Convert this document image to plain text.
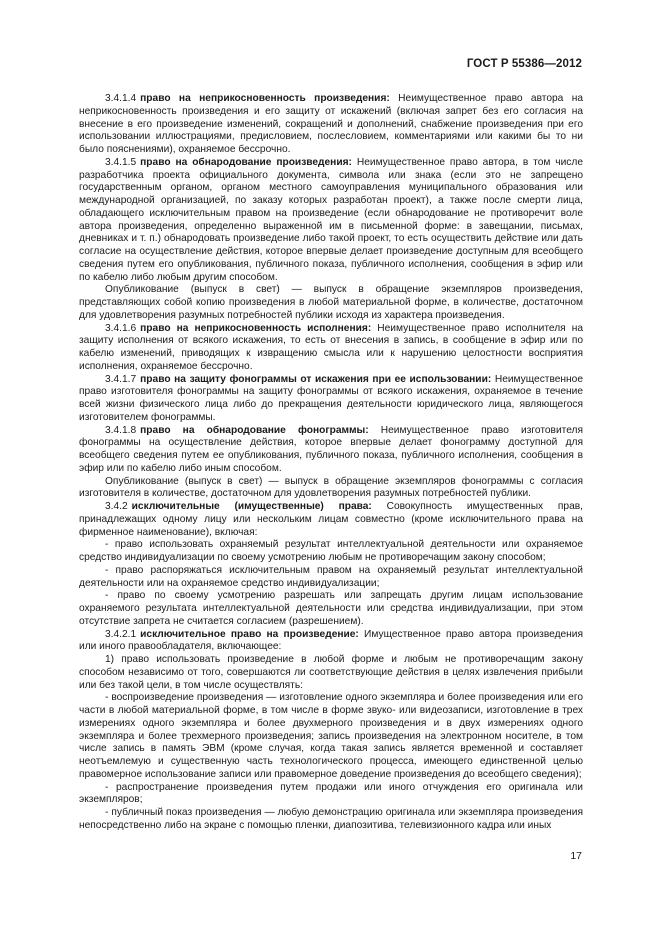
ГОСТ Р 55386—2012

3.4.1.4 право на неприкосновенность произведения: Неимущественное право автора на неприкосновенность произведения и его защиту от искажений (включая запрет без его согласия на внесение в его произведение изменений, сокращений и дополнений, снабжение произведения при его использовании иллюстрациями, предисловием, послесловием, комментариями или какими бы то ни было пояснениями), охраняемое бессрочно.

3.4.1.5 право на обнародование произведения: Неимущественное право автора, в том числе разработчика проекта официального документа, символа или знака (если это не запрещено государственным органом, органом местного самоуправления муниципального образования или международной организацией, по заказу которых разработан проект), а также после смерти лица, обладающего исключительным правом на произведение (если обнародование не противоречит воле автора произведения, определенно выраженной им в письменной форме: в завещании, письмах, дневниках и т. п.) обнародовать произведение либо такой проект, то есть осуществить действие или дать согласие на осуществление действия, которое впервые делает произведение доступным для всеобщего сведения путем его опубликования, публичного показа, публичного исполнения, сообщения в эфир или по кабелю либо любым другим способом.

Опубликование (выпуск в свет) — выпуск в обращение экземпляров произведения, представляющих собой копию произведения в любой материальной форме, в количестве, достаточном для удовлетворения разумных потребностей публики исходя из характера произведения.

3.4.1.6 право на неприкосновенность исполнения: Неимущественное право исполнителя на защиту исполнения от всякого искажения, то есть от внесения в запись, в сообщение в эфир или по кабелю изменений, приводящих к извращению смысла или к нарушению целостности восприятия исполнения, охраняемое бессрочно.

3.4.1.7 право на защиту фонограммы от искажения при ее использовании: Неимущественное право изготовителя фонограммы на защиту фонограммы от всякого искажения, охраняемое в течение всей жизни физического лица либо до прекращения деятельности юридического лица, являющегося изготовителем фонограммы.

3.4.1.8 право на обнародование фонограммы: Неимущественное право изготовителя фонограммы на осуществление действия, которое впервые делает фонограмму доступной для всеобщего сведения путем ее опубликования, публичного показа, публичного исполнения, сообщения в эфир или по кабелю либо иным способом.

Опубликование (выпуск в свет) — выпуск в обращение экземпляров фонограммы с согласия изготовителя в количестве, достаточном для удовлетворения разумных потребностей публики.

3.4.2 исключительные (имущественные) права: Совокупность имущественных прав, принадлежащих одному лицу или нескольким лицам совместно (кроме исключительного права на фирменное наименование), включая:

- право использовать охраняемый результат интеллектуальной деятельности или охраняемое средство индивидуализации по своему усмотрению любым не противоречащим закону способом;

- право распоряжаться исключительным правом на охраняемый результат интеллектуальной деятельности или на охраняемое средство индивидуализации;

- право по своему усмотрению разрешать или запрещать другим лицам использование охраняемого результата интеллектуальной деятельности или средства индивидуализации, при этом отсутствие запрета не считается согласием (разрешением).

3.4.2.1 исключительное право на произведение: Имущественное право автора произведения или иного правообладателя, включающее:

1) право использовать произведение в любой форме и любым не противоречащим закону способом независимо от того, совершаются ли соответствующие действия в целях извлечения прибыли или без такой цели, в том числе осуществлять:

- воспроизведение произведения — изготовление одного экземпляра и более произведения или его части в любой материальной форме, в том числе в форме звуко- или видеозаписи, изготовление в трех измерениях одного экземпляра и более двухмерного произведения и в двух измерениях одного экземпляра и более трехмерного произведения; запись произведения на электронном носителе, в том числе запись в память ЭВМ (кроме случая, когда такая запись является временной и составляет неотъемлемую и существенную часть технологического процесса, имеющего единственной целью правомерное использование записи или правомерное доведение произведения до всеобщего сведения);

- распространение произведения путем продажи или иного отчуждения его оригинала или экземпляров;

- публичный показ произведения — любую демонстрацию оригинала или экземпляра произведения непосредственно либо на экране с помощью пленки, диапозитива, телевизионного кадра или иных

17
